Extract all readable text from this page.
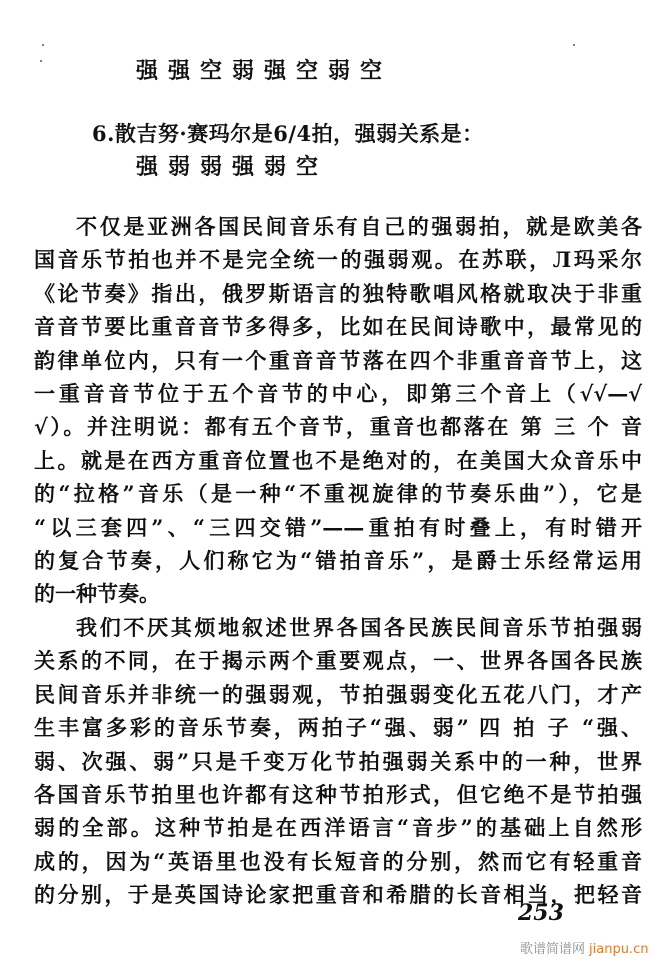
强强空弱强空弱空
6.散吉努·赛玛尔是6/4拍，强弱关系是：
强弱弱强弱空
不仅是亚洲各国民间音乐有自己的强弱拍，就是欧美各
国音乐节拍也并不是完全统一的强弱观。在苏联，Л玛采尔
《论节奏》指出，俄罗斯语言的独特歌唱风格就取决于非重
音音节要比重音音节多得多，比如在民间诗歌中，最常见的
韵律单位内，只有一个重音音节落在四个非重音音节上，这
一重音音节位于五个音节的中心，即第三个音上（√√—√
√）。并注明说：都有五个音节，重音也都落在 第 三 个 音
上。就是在西方重音位置也不是绝对的，在美国大众音乐中
的“拉格”音乐（是一种“不重视旋律的节奏乐曲”），它是
“以三套四”、“三四交错”——重拍有时叠上，有时错开
的复合节奏，人们称它为“错拍音乐”，是爵士乐经常运用
的一种节奏。
我们不厌其烦地叙述世界各国各民族民间音乐节拍强弱
关系的不同，在于揭示两个重要观点，一、世界各国各民族
民间音乐并非统一的强弱观，节拍强弱变化五花八门，才产
生丰富多彩的音乐节奏，两拍子“强、弱” 四 拍 子 “强、
弱、次强、弱”只是千变万化节拍强弱关系中的一种，世界
各国音乐节拍里也许都有这种节拍形式，但它绝不是节拍强
弱的全部。这种节拍是在西洋语言“音步”的基础上自然形
成的，因为“英语里也没有长短音的分别，然而它有轻重音
的分别，于是英国诗论家把重音和希腊的长音相当，把轻音
253
歌谱简谱网 jianpu.cn
